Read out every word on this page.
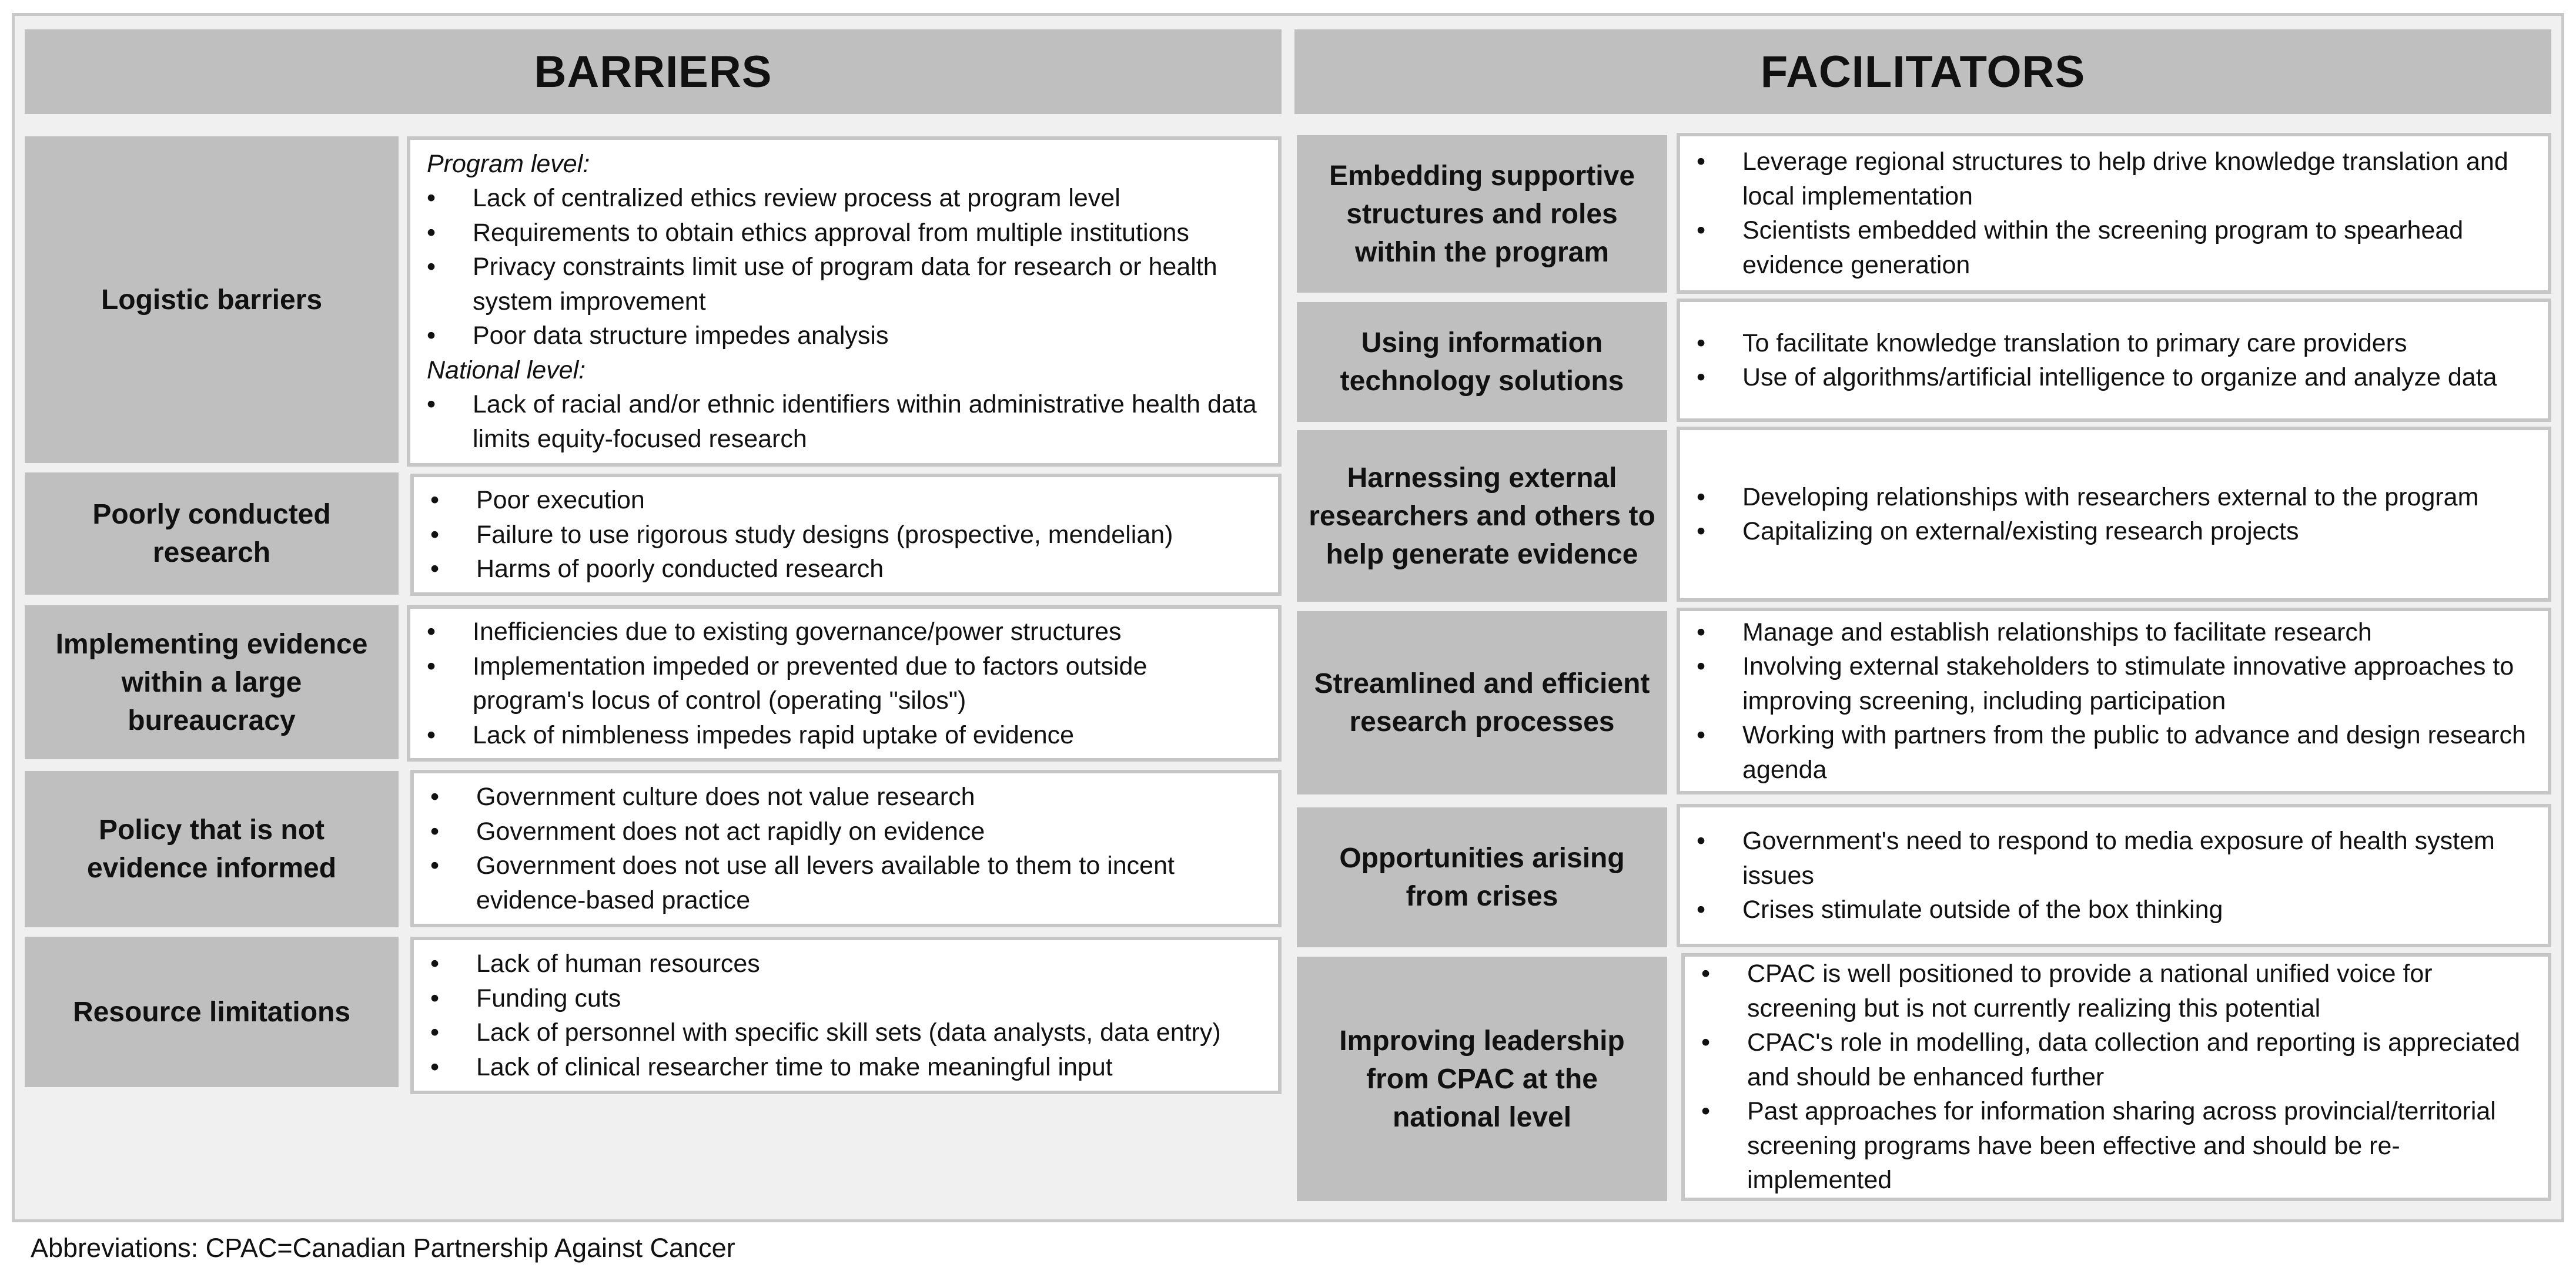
BARRIERS	FACILITATORS
Logistic barriers
Program level:
• Lack of centralized ethics review process at program level
• Requirements to obtain ethics approval from multiple institutions
• Privacy constraints limit use of program data for research or health system improvement
• Poor data structure impedes analysis
National level:
• Lack of racial and/or ethnic identifiers within administrative health data limits equity-focused research
Poorly conducted research
• Poor execution
• Failure to use rigorous study designs (prospective, mendelian)
• Harms of poorly conducted research
Implementing evidence within a large bureaucracy
• Inefficiencies due to existing governance/power structures
• Implementation impeded or prevented due to factors outside program's locus of control (operating "silos")
• Lack of nimbleness impedes rapid uptake of evidence
Policy that is not evidence informed
• Government culture does not value research
• Government does not act rapidly on evidence
• Government does not use all levers available to them to incent evidence-based practice
Resource limitations
• Lack of human resources
• Funding cuts
• Lack of personnel with specific skill sets (data analysts, data entry)
• Lack of clinical researcher time to make meaningful input
Embedding supportive structures and roles within the program
• Leverage regional structures to help drive knowledge translation and local implementation
• Scientists embedded within the screening program to spearhead evidence generation
Using information technology solutions
• To facilitate knowledge translation to primary care providers
• Use of algorithms/artificial intelligence to organize and analyze data
Harnessing external researchers and others to help generate evidence
• Developing relationships with researchers external to the program
• Capitalizing on external/existing research projects
Streamlined and efficient research processes
• Manage and establish relationships to facilitate research
• Involving external stakeholders to stimulate innovative approaches to improving screening, including participation
• Working with partners from the public to advance and design research agenda
Opportunities arising from crises
• Government's need to respond to media exposure of health system issues
• Crises stimulate outside of the box thinking
Improving leadership from CPAC at the national level
• CPAC is well positioned to provide a national unified voice for screening but is not currently realizing this potential
• CPAC's role in modelling, data collection and reporting is appreciated and should be enhanced further
• Past approaches for information sharing across provincial/territorial screening programs have been effective and should be re-implemented
Abbreviations: CPAC=Canadian Partnership Against Cancer
